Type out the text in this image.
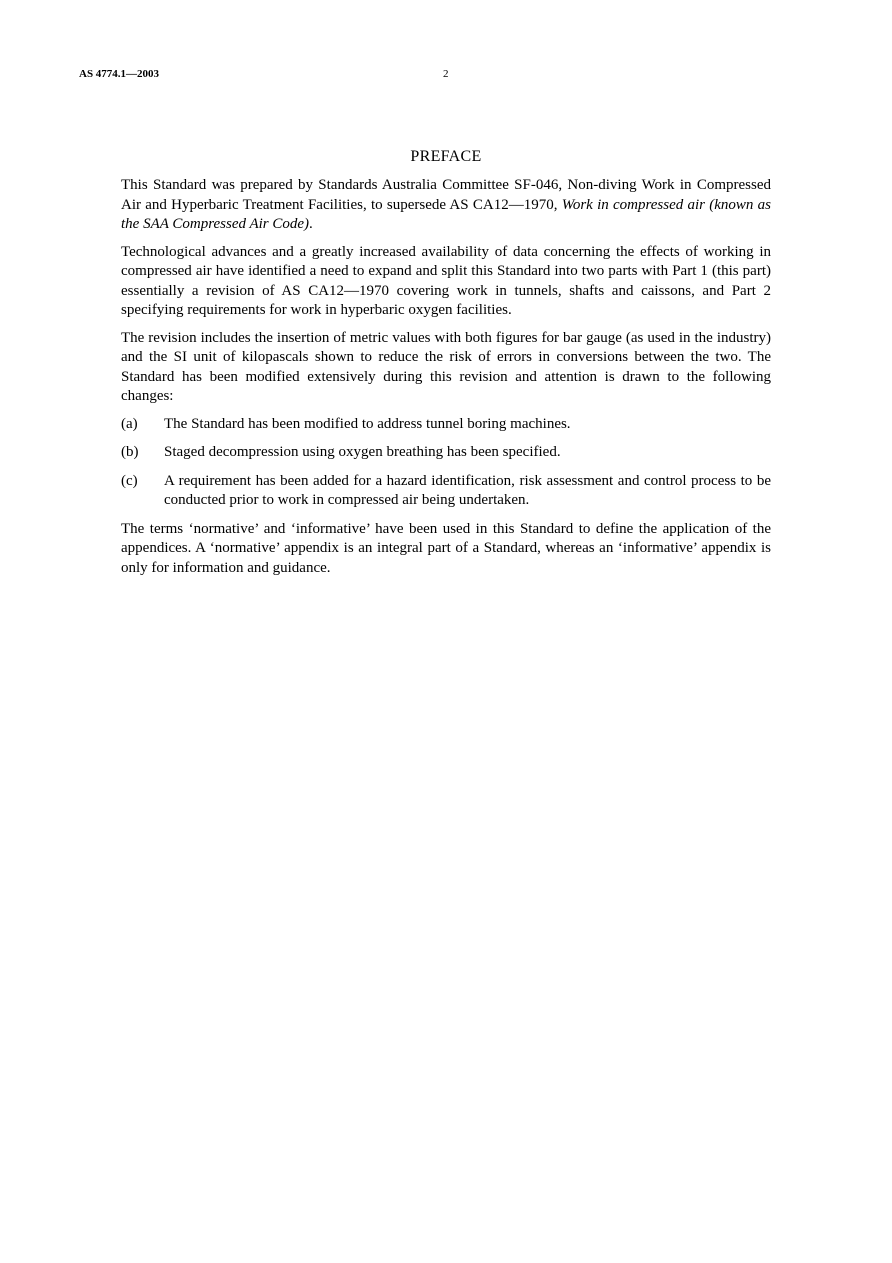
AS 4774.1—2003	2
PREFACE

This Standard was prepared by Standards Australia Committee SF-046, Non-diving Work in Compressed Air and Hyperbaric Treatment Facilities, to supersede AS CA12—1970, Work in compressed air (known as the SAA Compressed Air Code).

Technological advances and a greatly increased availability of data concerning the effects of working in compressed air have identified a need to expand and split this Standard into two parts with Part 1 (this part) essentially a revision of AS CA12—1970 covering work in tunnels, shafts and caissons, and Part 2 specifying requirements for work in hyperbaric oxygen facilities.

The revision includes the insertion of metric values with both figures for bar gauge (as used in the industry) and the SI unit of kilopascals shown to reduce the risk of errors in conversions between the two. The Standard has been modified extensively during this revision and attention is drawn to the following changes:

(a)	The Standard has been modified to address tunnel boring machines.
(b)	Staged decompression using oxygen breathing has been specified.
(c)	A requirement has been added for a hazard identification, risk assessment and control process to be conducted prior to work in compressed air being undertaken.

The terms ‘normative’ and ‘informative’ have been used in this Standard to define the application of the appendices. A ‘normative’ appendix is an integral part of a Standard, whereas an ‘informative’ appendix is only for information and guidance.
